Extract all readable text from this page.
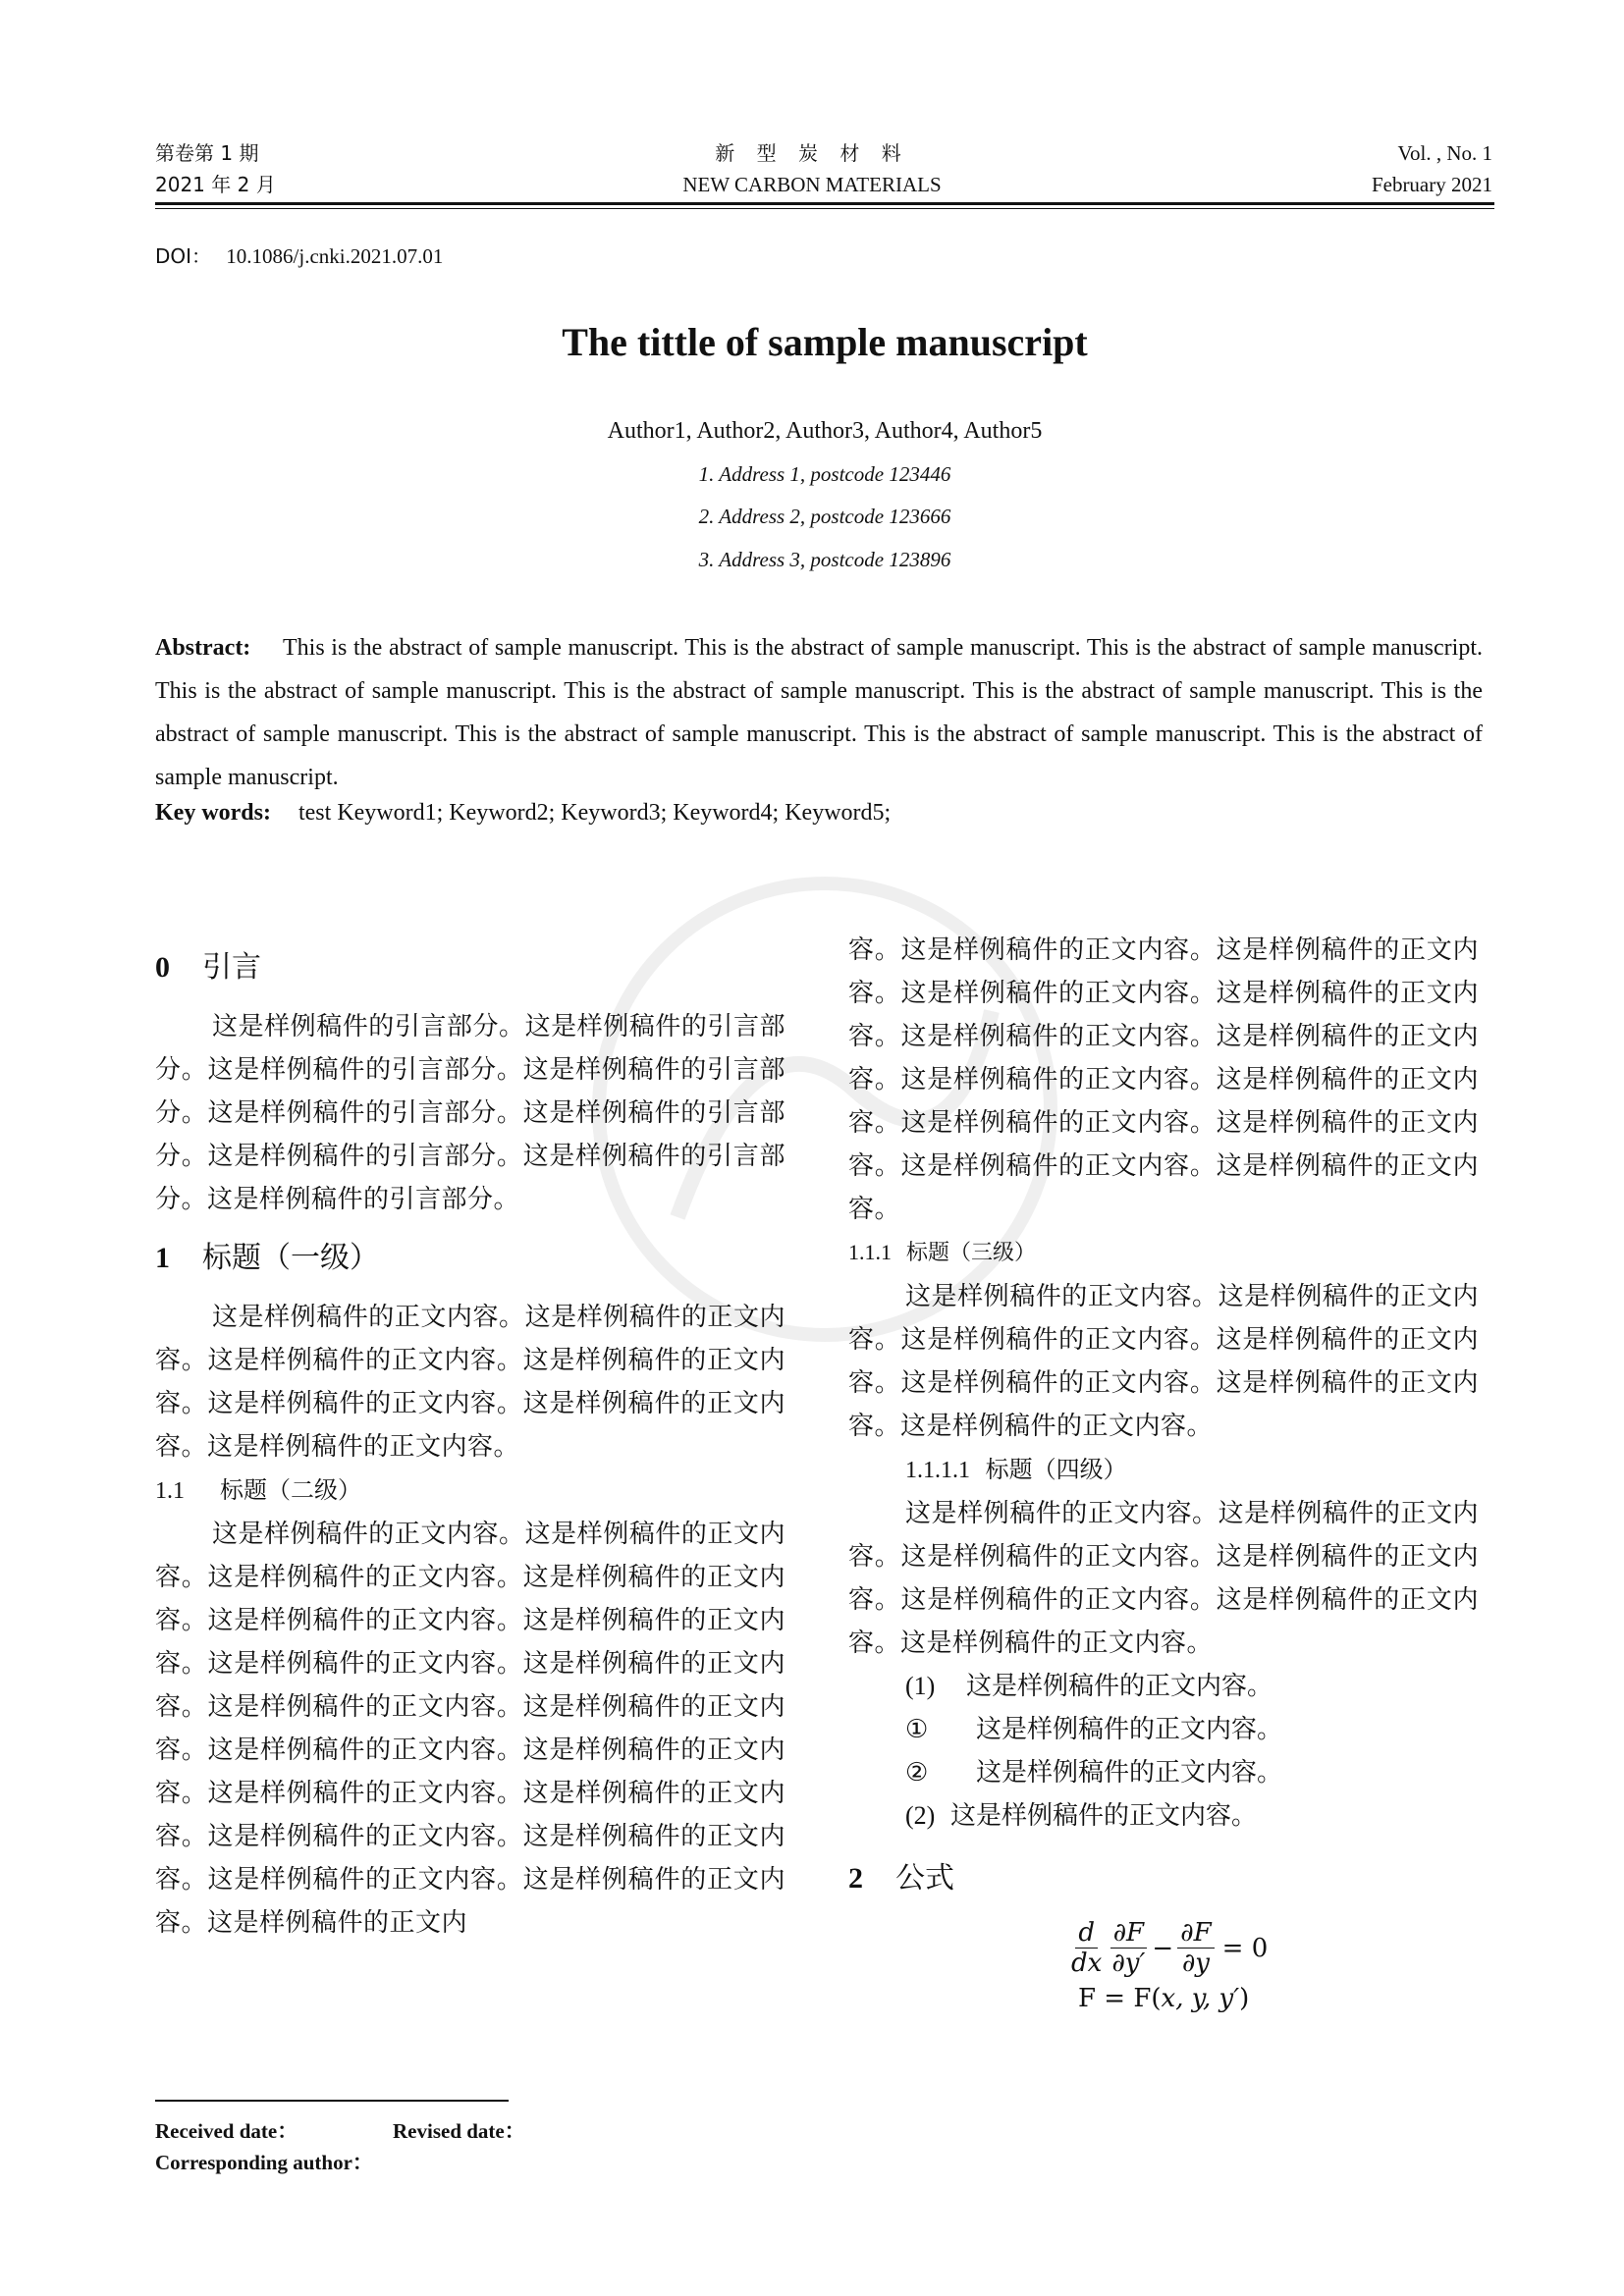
第卷第 1 期
2021 年 2 月
新 型 炭 材 料
NEW CARBON MATERIALS
Vol. , No. 1
February 2021
DOI： 10.1086/j.cnki.2021.07.01
The tittle of sample manuscript
Author1, Author2, Author3, Author4, Author5
1. Address 1, postcode 123446
2. Address 2, postcode 123666
3. Address 3, postcode 123896
Abstract: This is the abstract of sample manuscript. This is the abstract of sample manuscript. This is the abstract of sample manuscript. This is the abstract of sample manuscript. This is the abstract of sample manuscript. This is the abstract of sample manuscript. This is the abstract of sample manuscript. This is the abstract of sample manuscript. This is the abstract of sample manuscript. This is the abstract of sample manuscript.
Key words: test Keyword1; Keyword2; Keyword3; Keyword4; Keyword5;
0 引言
这是样例稿件的引言部分。这是样例稿件的引言部分。这是样例稿件的引言部分。这是样例稿件的引言部分。这是样例稿件的引言部分。这是样例稿件的引言部分。这是样例稿件的引言部分。这是样例稿件的引言部分。这是样例稿件的引言部分。
1 标题（一级）
这是样例稿件的正文内容。这是样例稿件的正文内容。这是样例稿件的正文内容。这是样例稿件的正文内容。这是样例稿件的正文内容。这是样例稿件的正文内容。这是样例稿件的正文内容。
1.1 标题（二级）
这是样例稿件的正文内容。这是样例稿件的正文内容。这是样例稿件的正文内容。这是样例稿件的正文内容。这是样例稿件的正文内容。这是样例稿件的正文内容。这是样例稿件的正文内容。这是样例稿件的正文内容。这是样例稿件的正文内容。这是样例稿件的正文内容。这是样例稿件的正文内容。这是样例稿件的正文内容。这是样例稿件的正文内容。这是样例稿件的正文内容。这是样例稿件的正文内容。这是样例稿件的正文内容。这是样例稿件的正文内容。这是样例稿件的正文内容。这是样例稿件的正文内
容。这是样例稿件的正文内容。这是样例稿件的正文内容。这是样例稿件的正文内容。这是样例稿件的正文内容。这是样例稿件的正文内容。这是样例稿件的正文内容。这是样例稿件的正文内容。这是样例稿件的正文内容。这是样例稿件的正文内容。这是样例稿件的正文内容。这是样例稿件的正文内容。这是样例稿件的正文内容。
1.1.1 标题（三级）
这是样例稿件的正文内容。这是样例稿件的正文内容。这是样例稿件的正文内容。这是样例稿件的正文内容。这是样例稿件的正文内容。这是样例稿件的正文内容。这是样例稿件的正文内容。
1.1.1.1 标题（四级）
这是样例稿件的正文内容。这是样例稿件的正文内容。这是样例稿件的正文内容。这是样例稿件的正文内容。这是样例稿件的正文内容。这是样例稿件的正文内容。这是样例稿件的正文内容。
(1) 这是样例稿件的正文内容。
① 这是样例稿件的正文内容。
② 这是样例稿件的正文内容。
(2) 这是样例稿件的正文内容。
2 公式
$\frac{d}{dx} \frac{\partial F}{\partial y'} - \frac{\partial F}{\partial y} = 0$
F = F(x, y, y′)
Received date：	Revised date：
Corresponding author：
